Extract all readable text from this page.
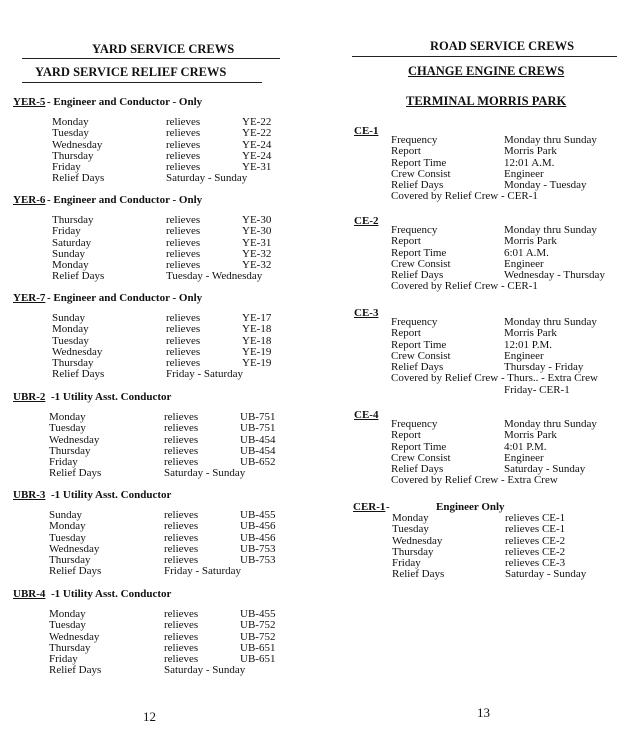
YARD SERVICE CREWS
YARD SERVICE RELIEF CREWS
YER-5 - Engineer and Conductor - Only
Monday	relieves	YE-22
Tuesday	relieves	YE-22
Wednesday	relieves	YE-24
Thursday	relieves	YE-24
Friday	relieves	YE-31
Relief Days	Saturday - Sunday
YER-6 - Engineer and Conductor - Only
Thursday	relieves	YE-30
Friday	relieves	YE-30
Saturday	relieves	YE-31
Sunday	relieves	YE-32
Monday	relieves	YE-32
Relief Days	Tuesday - Wednesday
YER-7 - Engineer and Conductor - Only
Sunday	relieves	YE-17
Monday	relieves	YE-18
Tuesday	relieves	YE-18
Wednesday	relieves	YE-19
Thursday	relieves	YE-19
Relief Days	Friday - Saturday
UBR-2 -1 Utility Asst. Conductor
Monday	relieves	UB-751
Tuesday	relieves	UB-751
Wednesday	relieves	UB-454
Thursday	relieves	UB-454
Friday	relieves	UB-652
Relief Days	Saturday - Sunday
UBR-3 -1 Utility Asst. Conductor
Sunday	relieves	UB-455
Monday	relieves	UB-456
Tuesday	relieves	UB-456
Wednesday	relieves	UB-753
Thursday	relieves	UB-753
Relief Days	Friday - Saturday
UBR-4 -1 Utility Asst. Conductor
Monday	relieves	UB-455
Tuesday	relieves	UB-752
Wednesday	relieves	UB-752
Thursday	relieves	UB-651
Friday	relieves	UB-651
Relief Days	Saturday - Sunday
12
ROAD SERVICE CREWS
CHANGE ENGINE CREWS
TERMINAL MORRIS PARK
CE-1
Frequency	Monday thru Sunday
Report	Morris Park
Report Time	12:01 A.M.
Crew Consist	Engineer
Relief Days	Monday - Tuesday
Covered by Relief Crew - CER-1
CE-2
Frequency	Monday thru Sunday
Report	Morris Park
Report Time	6:01 A.M.
Crew Consist	Engineer
Relief Days	Wednesday - Thursday
Covered by Relief Crew - CER-1
CE-3
Frequency	Monday thru Sunday
Report	Morris Park
Report Time	12:01 P.M.
Crew Consist	Engineer
Relief Days	Thursday - Friday
Covered by Relief Crew - Thurs.. - Extra Crew
Friday- CER-1
CE-4
Frequency	Monday thru Sunday
Report	Morris Park
Report Time	4:01 P.M.
Crew Consist	Engineer
Relief Days	Saturday - Sunday
Covered by Relief Crew - Extra Crew
CER-1 -	Engineer Only
Monday	relieves CE-1
Tuesday	relieves CE-1
Wednesday	relieves CE-2
Thursday	relieves CE-2
Friday	relieves CE-3
Relief Days	Saturday - Sunday
13
